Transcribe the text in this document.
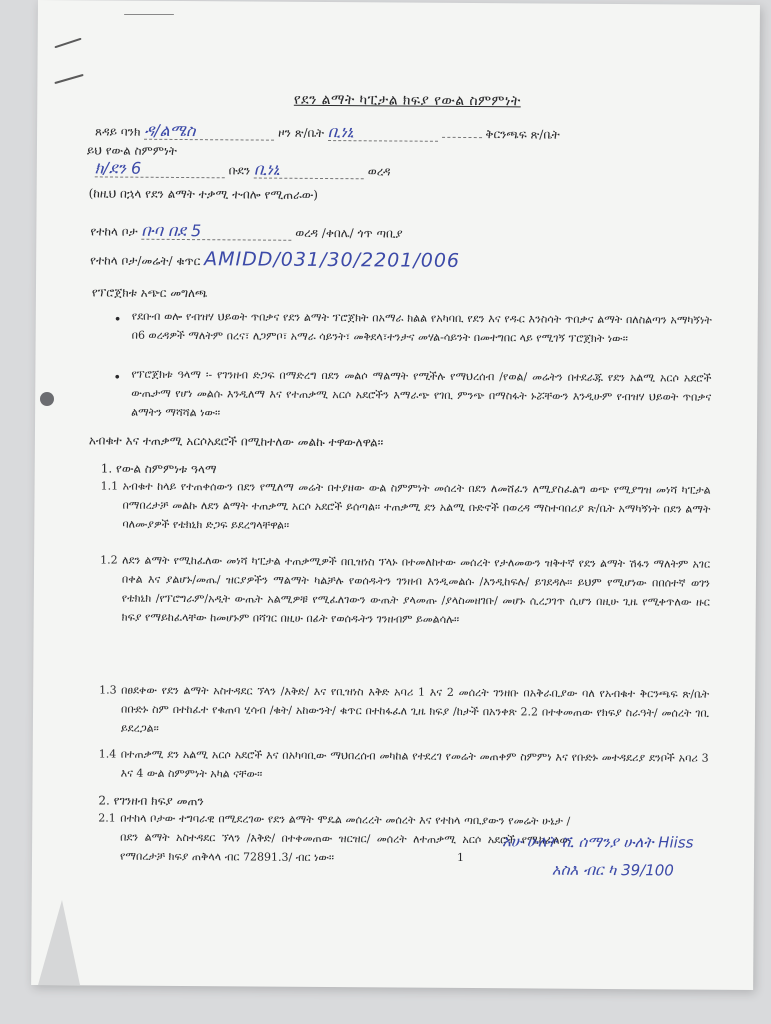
የደን ልማት ካፒታል ክፍያ የውል ስምምነት
ጸዳይ ባንክ ዳ/ልሜስ	ዞን ጽ/ቤት ቢነኒ	ቅርንጫፍ ጽ/ቤት
ይህ የውል ስምምነት
ክ/ደን 6	ቡደን ቢነኒ	ወረዳ
(ከዚህ በኋላ የደን ልማት ተቃሚ ተብሎ የሚጠራው)
የተከላ ቦታ ቡባ በደ 5	ወረዳ /ቀበሌ/ ጎጥ ጣቢያ
የተከላ ቦታ/መሬት/ ቁጥር AMIDD/031/30/2201/006
የፕሮጀክቱ አጭር መግለጫ
• የደቡብ ወሎ የብዝሃ ህይወት ጥበቃና የደን ልማት ፕሮጀክት በአማራ ክልል የአካባቢ የደን እና የዱር እንስሳት ጥበቃና ልማት በለስልጣን አማካኝነት በ6 ወረዳዎች ማለትም በረና፣ ለጋምቦ፣ አማራ ሳይንት፣ መቅደላ፣ተንታና መሃል-ሳይንት በመተግበር ላይ የሚገኝ ፕሮጀክት ነው።
• የፕሮጀክቱ ዓላማ ፡- የገንዘብ ድጋፍ በማድረግ በደን መልሶ ማልማት የሚችሉ የማህረሰብ /የወል/ መሬትን በተደራጁ የደን አልሚ አርሶ አደሮች ውጤታማ የሆነ መልሱ እንዲለማ እና የተጠቃሚ አርሶ አደሮችን እማራጭ የገቢ ምንጭ በማስፋት ኑሯቸውን እንዲሁም የብዝሃ ህይወት ጥበቃና ልማትን ማሻሻል ነው።
አብቁተ እና ተጠቃሚ አርሶአደሮች በሚከተለው መልኩ ተዋውለዋል።
1. የውል ስምምነቱ ዓላማ
1.1 አብቁተ ከላይ የተጠቀሰውን በደን የሚለማ መሬት በተያዘው ውል ስምምነት መሰረት በደን ለመሸፈን ለሚያስፈልግ ወጭ የሚያግዝ መነሻ ካፒታል በማበረታቻ መልኩ ለደን ልማት ተጠቃሚ አርሶ አደሮች ይሰጣል። ተጠቃሚ ደን አልሚ ቡድኖች በወረዳ ማስተባበሪያ ጽ/ቤት አማካኝነት በደን ልማት ባለሙያዎች የቴክኒክ ድጋፍ ይደረግላቸዋል።
1.2 ለደን ልማት የሚከፈለው መነሻ ካፒታል ተጠቃሚዎች በቢዝነስ ፕላኑ በተመለከተው መሰረት የታለመውን ዝቅተኛ የደን ልማት ሽፋን ማለትም አገር በቀል እና ያልሆኑ/መጤ/ ዝርያዎችን ማልማት ካልቻሉ የወሰዱትን ገንዘብ እንዲመልሱ /እንዲከፍሉ/ ይገደዳሉ። ይህም የሚሆነው በበሰተኛ ወገን የቴክኒክ /የፕሮግራም/አዲት ውጤት አልሚዎቹ የሚፈለገውን ውጤት ያላመጡ /ያላስመዘገቡ/ መሆኑ ሲረጋገጥ ሲሆን በዚሁ ጊዜ የሚቀጥለው ዙር ክፍያ የማይከፈላቸው ከመሆኑም በሻገር በዚሁ በፊት የወሰዱትን ገንዘብም ይመልሳሉ።
1.3 በፀደቀው የደን ልማት አስተዳደር ኘላን /እቅድ/ እና የቢዝነስ እቅድ አባሪ 1 እና 2 መሰረት ገንዘቡ በአቅራቢያው ባለ የአብቁተ ቅርንጫፍ ጽ/ቤት በቡድኑ ስም በተከፈተ የቁጠባ ሂሳብ /ቁት/ አከውንት/ ቁጥር በተከፋፈለ ጊዜ ክፍያ /ከታች በአንቀጽ 2.2 በተቀመጠው የክፍያ ስራዓት/ መሰረት ገቢ ይደረጋል።
1.4 በተጠቃሚ ደን አልሚ አርሶ አደሮች እና በአካባቢው ማህበረሰብ መካከል የተደረገ የመሬት መጠቀም ስምምነ እና የቡድኑ መተዳደሪያ ደንቦች አባሪ 3 እና 4 ውል ስምምነት አካል ናቸው።
2. የገንዘብ ክፍያ መጠን
2.1 በተከላ ቦታው ተግባራዊ በሚደረገው የደን ልማት ሞዴል መሰረረት መሰረት እና የተከላ ጣቢያውን የመሬት ሁኔታ /በደን ልማት አስተዳደር ኘላን /እቅድ/ በተቀመጠው ዝርዝር/ መሰረት ለተጠቃሚ አርሶ አደሮች የሚከፈለው የማበረታቻ ክፍያ ጠቅላላ ብር 72891.3/ ብር ነው።
አሁ ሁለት ሺ ሰማንያ ሁለት Hiiss
አስእ ብር ካ 39/100
1
